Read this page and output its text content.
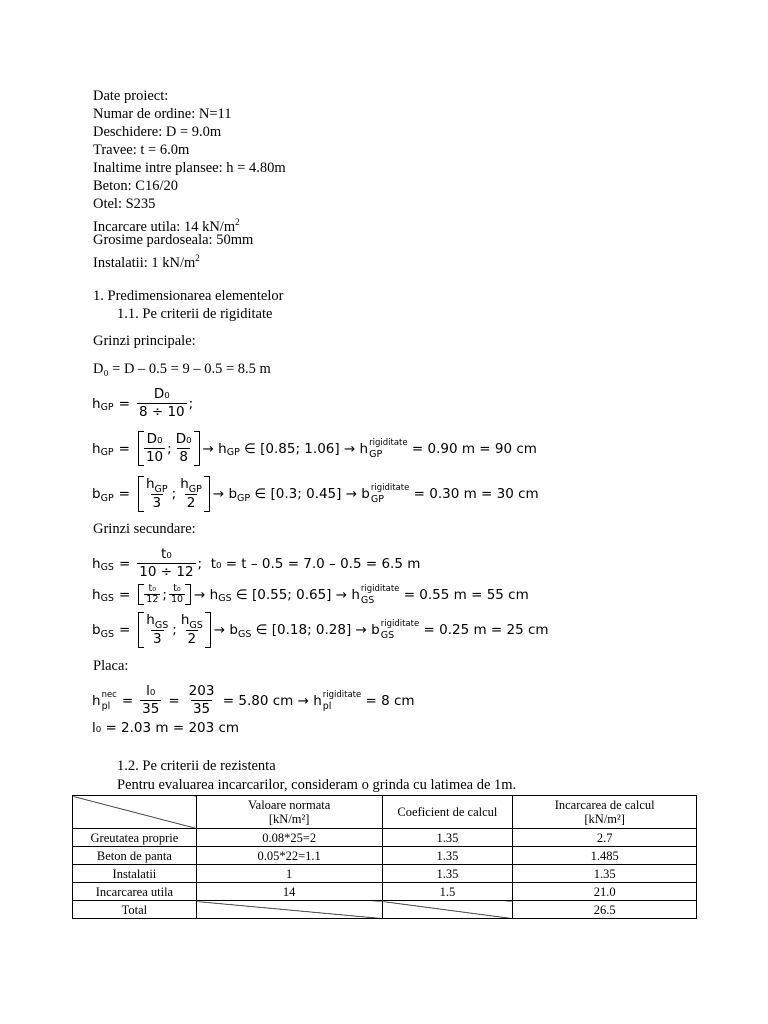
Date proiect:
Numar de ordine: N=11
Deschidere: D = 9.0m
Travee: t = 6.0m
Inaltime intre plansee: h = 4.80m
Beton: C16/20
Otel: S235
Incarcare utila: 14 $kN/m^2$
Grosime pardoseala: 50mm
Instalatii: 1 $kN/m^2$
1. Predimensionarea elementelor
1.1. Pe criterii de rigiditate
Grinzi principale:
D₀ = D – 0.5 = 9 – 0.5 = 8.5 m
h GP = $\frac{\text{D₀}}{8 \div 10}$ ;
h GP = $\frac{\text{D₀}}{10}$ ; $\frac{\text{D₀}}{8}$ →
h GP
∈ [0.85; 1.06]
→
h rigiditate
GP
= 0.90 m = 90 cm
b GP = $\frac{h_{GP}}{3}$ ; $\frac{h_{GP}}{2}$ →
b GP
∈ [0.3; 0.45]
→
b rigiditate
GP
= 0.30 m = 30 cm
Grinzi secundare:
h GS = $\frac{\text{t₀}}{10 \div 12}$ ;
t₀ = t – 0.5 = 7.0 – 0.5 = 6.5 m
h GS = $\frac{\text{t₀}}{12}$ ; $\frac{\text{t₀}}{10}$ →
h GS
∈ [0.55; 0.65]
→
h rigiditate
GS
= 0.55 m = 55 cm
b GS = $\frac{h_{GS}}{3}$ ; $\frac{h_{GS}}{2}$ →
b GS
∈ [0.18; 0.28]
→
b rigiditate
GS
= 0.25 m = 25 cm
Placa:
h nec
pl = $\frac{\text{l₀}}{35} = \frac{203}{35}$
= 5.80 cm
→
h rigiditate
pl
	= 8 cm
l₀ = 2.03 m = 203 cm
1.2. Pe criterii de rezistenta
Pentru evaluarea incarcarilor, consideram o grinda cu latimea de 1m.
	Valoare normata
[kN/m²]	Coeficient de calcul	Incarcarea de calcul
[kN/m²]
Greutatea proprie	0.08*25=2	1.35	2.7
Beton de panta	0.05*22=1.1	1.35	1.485
Instalatii	1	1.35	1.35
Incarcarea utila	14	1.5	21.0
Total			26.5
